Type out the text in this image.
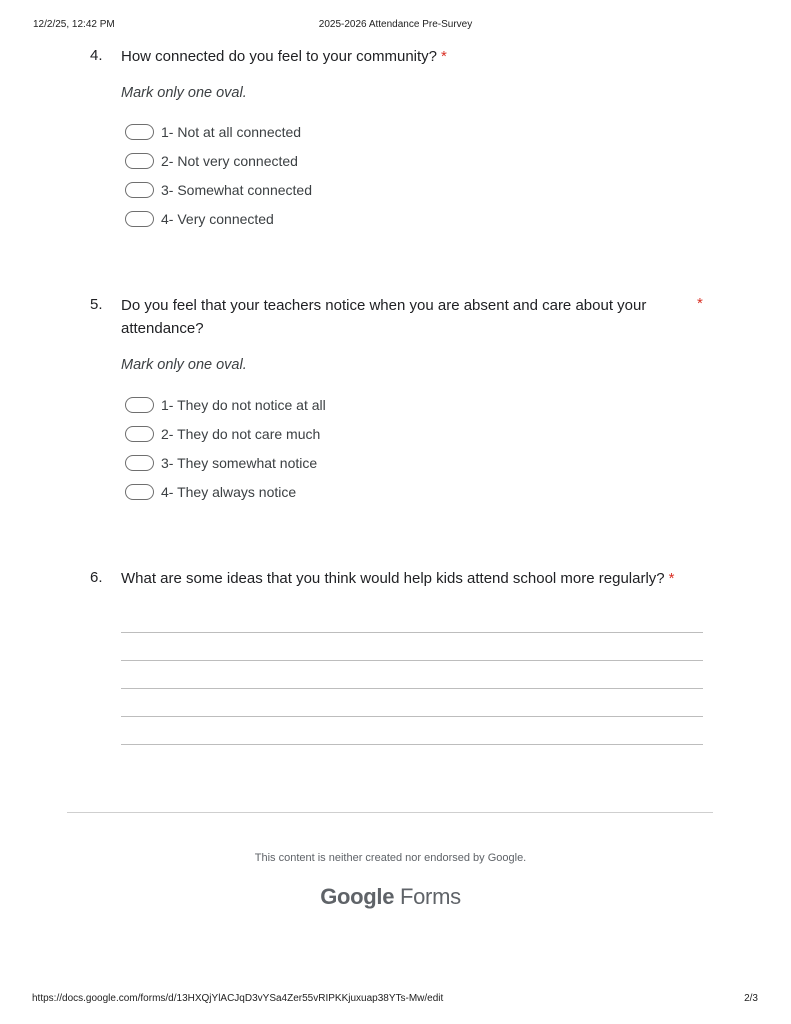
12/2/25, 12:42 PM	2025-2026 Attendance Pre-Survey
4. How connected do you feel to your community? *
Mark only one oval.
1- Not at all connected
2- Not very connected
3- Somewhat connected
4- Very connected
5. Do you feel that your teachers notice when you are absent and care about your
attendance?
*
Mark only one oval.
1- They do not notice at all
2- They do not care much
3- They somewhat notice
4- They always notice
6. What are some ideas that you think would help kids attend school more regularly? *
This content is neither created nor endorsed by Google.
Google Forms
https://docs.google.com/forms/d/13HXQjYlACJqD3vYSa4Zer55vRIPKKjuxuap38YTs-Mw/edit	2/3
